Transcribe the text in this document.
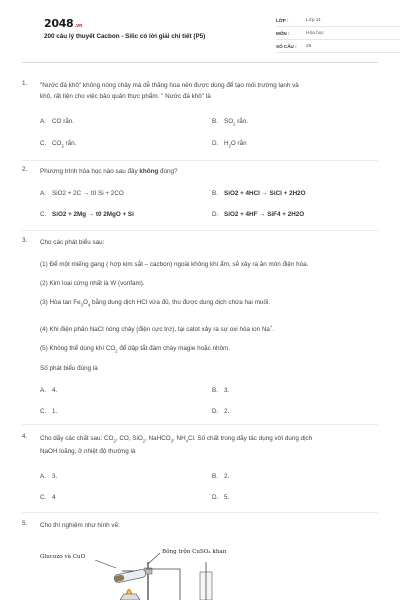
2048.vn
200 câu lý thuyết Cacbon - Silic có lời giải chi tiết (P5)
LỚP :	Lớp 11
MÔN :	Hóa học
SỐ CÂU :	25
1.	"Nước đá khô" không nóng chảy mà dễ thăng hoa nên được dùng để tạo môi trường lạnh và
khô, rất tiện cho việc bảo quản thực phẩm. " Nước đá khô" là
A. CO rắn.	B. $SO_2$ rắn.
C. $CO_2$ rắn.	D. $H_2O$ rắn
2.	Phương trình hóa học nào sau đây không đúng?
A. SiO2 + 2C → t0 Si + 2CO	B. SiO2 + 4HCl → SiCl + 2H2O
C. SiO2 + 2Mg → t0 2MgO + Si	D. SiO2 + 4HF → SiF4 + 2H2O
3.	Cho các phát biểu sau:
(1) Để một miếng gang ( hợp kim sắt – cacbon) ngoài không khí ẩm, sẽ xảy ra ăn mòn điện hóa.
(2) Kim loại cứng nhất là W (vonfam).
(3) Hòa $\tan Fe_3O_4$ bằng dung dịch HCl vừa đủ, thu được dung dịch chứa hai muối.
(4) Khi điện phân NaCl nóng chảy (điện cực trơ), tại catot xảy ra sự oxi hóa ion Na+.
(5) Không thể dùng khí $CO_2$ để dập tắt đám cháy magie hoặc nhôm.
Số phát biểu đúng là
A. 4.	B. 3.
C. 1.	D. 2.
4.	Cho dãy các chất sau: $CO_2$, CO, SiO$_2$, NaHCO$_3$, $NH_4Cl$. Số chất trong dãy tác dụng với dung dịch
NaOH loãng, ở nhiệt độ thường là
A. 3.	B. 2.
C. 4	D. 5.
5.	Cho thí nghiệm như hình vẽ:
Glucozo và CuO
Bông trộn CuSO₄ khan
